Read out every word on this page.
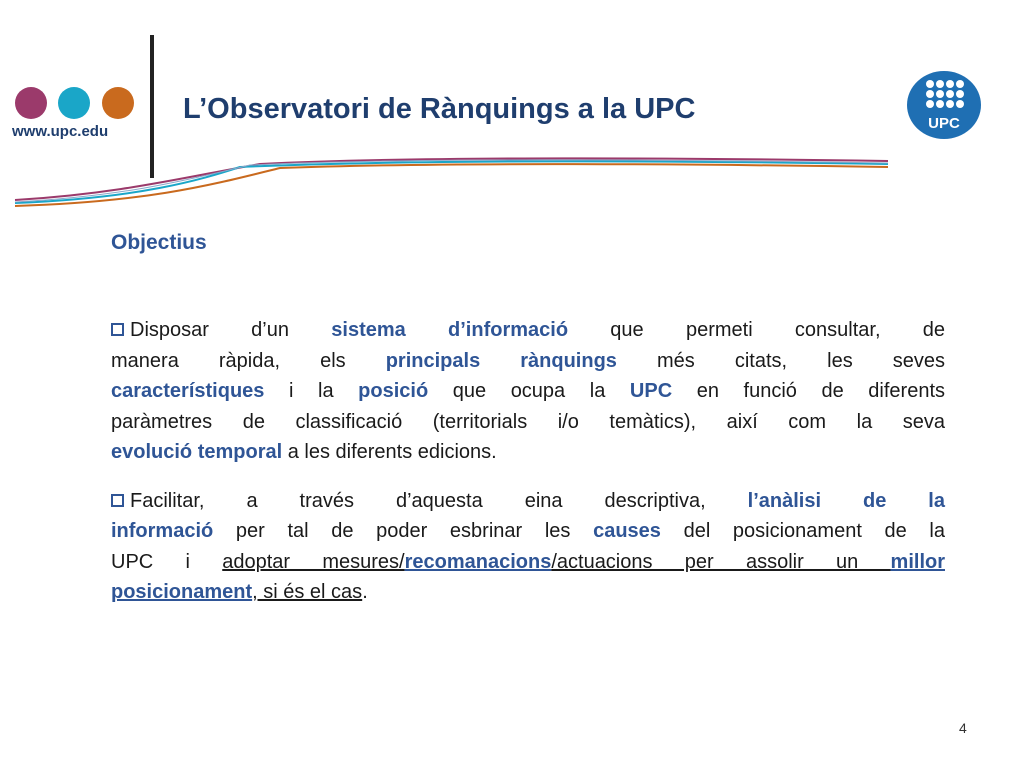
www.upc.edu
L’Observatori de Rànquings a la UPC	UPC
Objectius
Disposar d’un sistema d’informació que permeti consultar, de
manera ràpida, els principals rànquings més citats, les seves
característiques i la posició que ocupa la UPC en funció de diferents
paràmetres de classificació (territorials i/o temàtics), així com la seva
evolució temporal a les diferents edicions.
Facilitar, a través d’aquesta eina descriptiva, l’anàlisi de la
informació per tal de poder esbrinar les causes del posicionament de la
UPC i adoptar mesures/recomanacions/actuacions per assolir un millor
posicionament, si és el cas.
4
